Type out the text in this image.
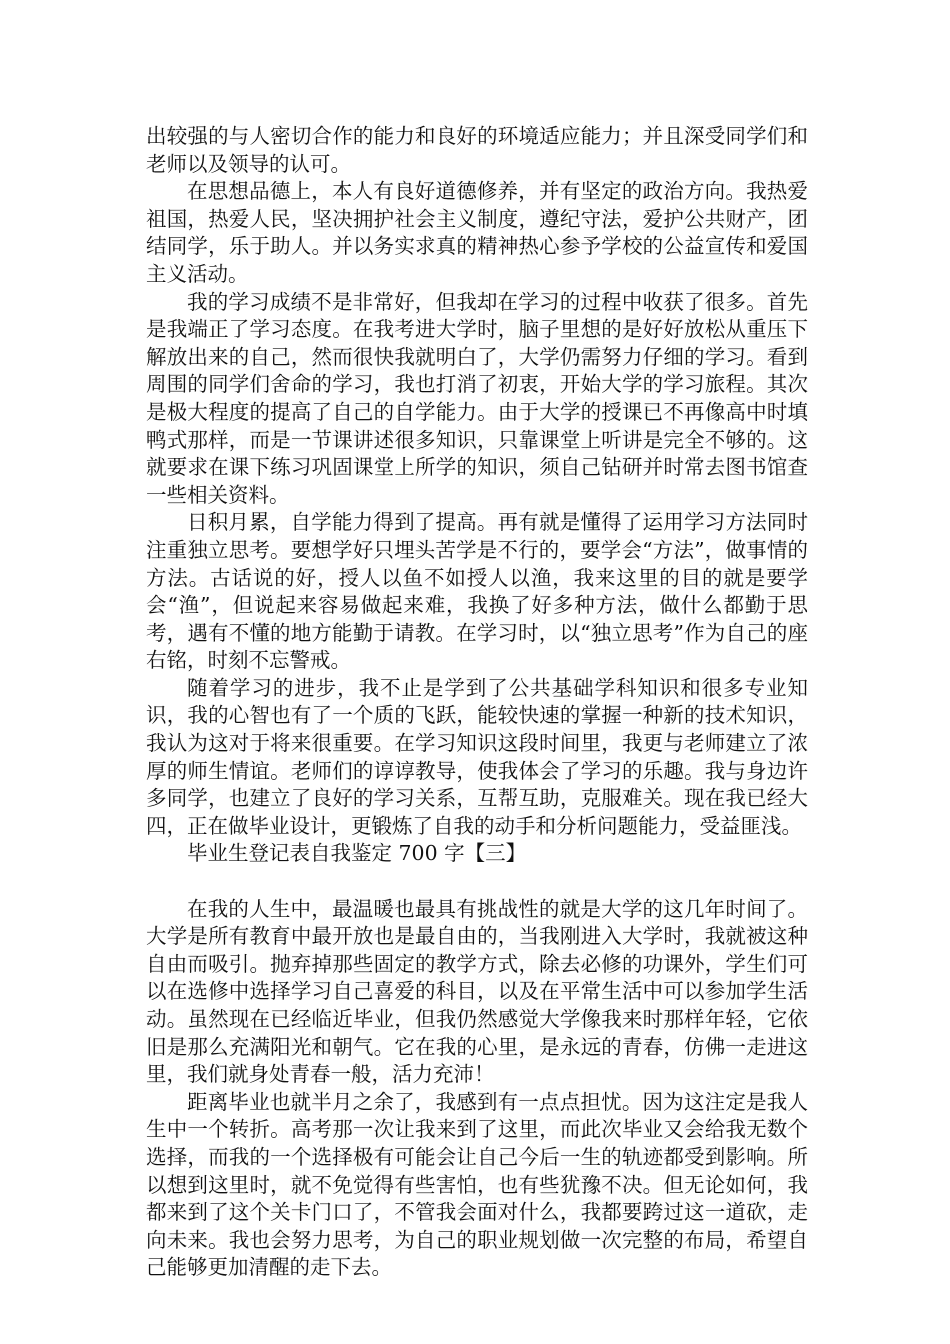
出较强的与人密切合作的能力和良好的环境适应能力；并且深受同学们和老师以及领导的认可。

在思想品德上，本人有良好道德修养，并有坚定的政治方向。我热爱祖国，热爱人民，坚决拥护社会主义制度，遵纪守法，爱护公共财产，团结同学，乐于助人。并以务实求真的精神热心参予学校的公益宣传和爱国主义活动。

我的学习成绩不是非常好，但我却在学习的过程中收获了很多。首先是我端正了学习态度。在我考进大学时，脑子里想的是好好放松从重压下解放出来的自己，然而很快我就明白了，大学仍需努力仔细的学习。看到周围的同学们舍命的学习，我也打消了初衷，开始大学的学习旅程。其次是极大程度的提高了自己的自学能力。由于大学的授课已不再像高中时填鸭式那样，而是一节课讲述很多知识，只靠课堂上听讲是完全不够的。这就要求在课下练习巩固课堂上所学的知识，须自己钻研并时常去图书馆查一些相关资料。

日积月累，自学能力得到了提高。再有就是懂得了运用学习方法同时注重独立思考。要想学好只埋头苦学是不行的，要学会“方法”，做事情的方法。古话说的好，授人以鱼不如授人以渔，我来这里的目的就是要学会“渔”，但说起来容易做起来难，我换了好多种方法，做什么都勤于思考，遇有不懂的地方能勤于请教。在学习时，以“独立思考”作为自己的座右铭，时刻不忘警戒。

随着学习的进步，我不止是学到了公共基础学科知识和很多专业知识，我的心智也有了一个质的飞跃，能较快速的掌握一种新的技术知识，我认为这对于将来很重要。在学习知识这段时间里，我更与老师建立了浓厚的师生情谊。老师们的谆谆教导，使我体会了学习的乐趣。我与身边许多同学，也建立了良好的学习关系，互帮互助，克服难关。现在我已经大四，正在做毕业设计，更锻炼了自我的动手和分析问题能力，受益匪浅。

毕业生登记表自我鉴定 700 字【三】

在我的人生中，最温暖也最具有挑战性的就是大学的这几年时间了。大学是所有教育中最开放也是最自由的，当我刚进入大学时，我就被这种自由而吸引。抛弃掉那些固定的教学方式，除去必修的功课外，学生们可以在选修中选择学习自己喜爱的科目，以及在平常生活中可以参加学生活动。虽然现在已经临近毕业，但我仍然感觉大学像我来时那样年轻，它依旧是那么充满阳光和朝气。它在我的心里，是永远的青春，仿佛一走进这里，我们就身处青春一般，活力充沛！

距离毕业也就半月之余了，我感到有一点点担忧。因为这注定是我人生中一个转折。高考那一次让我来到了这里，而此次毕业又会给我无数个选择，而我的一个选择极有可能会让自己今后一生的轨迹都受到影响。所以想到这里时，就不免觉得有些害怕，也有些犹豫不决。但无论如何，我都来到了这个关卡门口了，不管我会面对什么，我都要跨过这一道砍，走向未来。我也会努力思考，为自己的职业规划做一次完整的布局，希望自己能够更加清醒的走下去。
